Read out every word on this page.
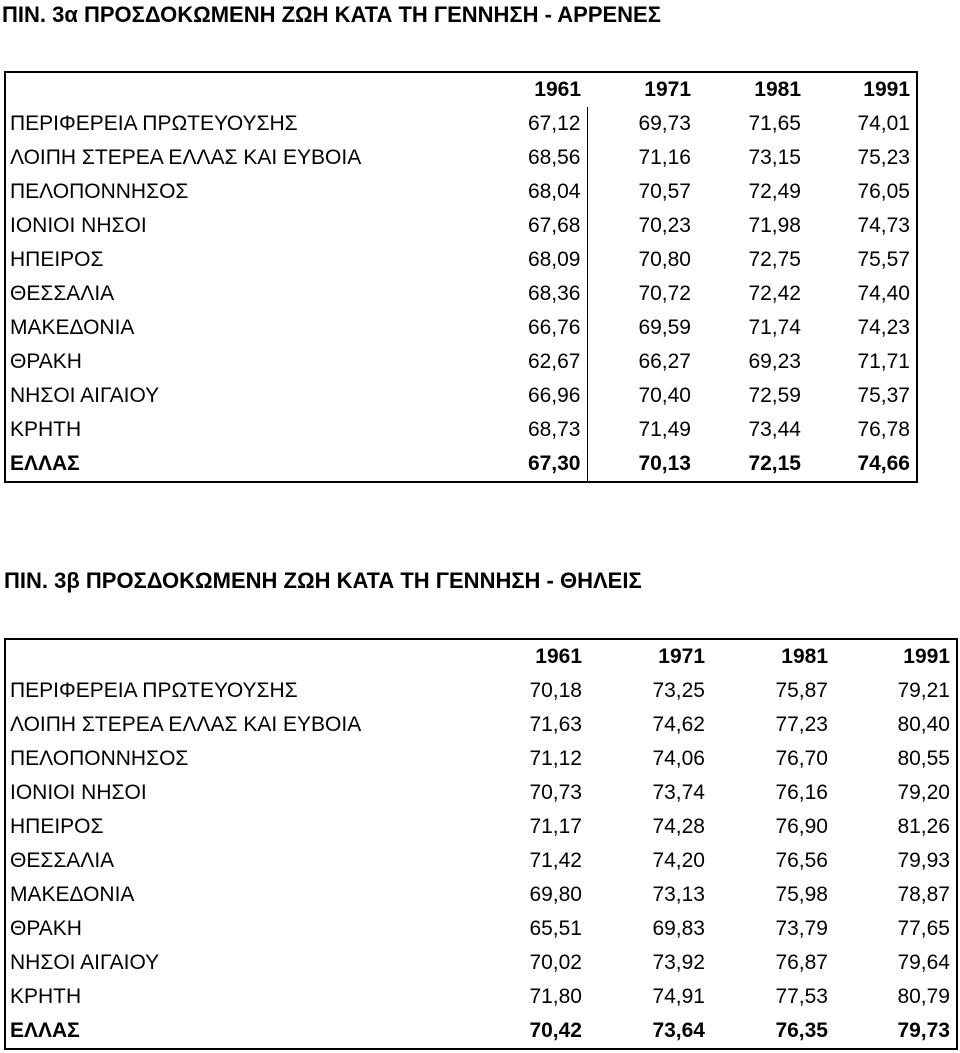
ΠΙΝ. 3α ΠΡΟΣΔΟΚΩΜΕΝΗ ΖΩΗ ΚΑΤΑ ΤΗ ΓΕΝΝΗΣΗ - ΑΡΡΕΝΕΣ
	1961	1971	1981	1991
ΠΕΡΙΦΕΡΕΙΑ ΠΡΩΤΕΥΟΥΣΗΣ	67,12	69,73	71,65	74,01
ΛΟΙΠΗ ΣΤΕΡΕΑ ΕΛΛΑΣ ΚΑΙ ΕΥΒΟΙΑ	68,56	71,16	73,15	75,23
ΠΕΛΟΠΟΝΝΗΣΟΣ	68,04	70,57	72,49	76,05
ΙΟΝΙΟΙ ΝΗΣΟΙ	67,68	70,23	71,98	74,73
ΗΠΕΙΡΟΣ	68,09	70,80	72,75	75,57
ΘΕΣΣΑΛΙΑ	68,36	70,72	72,42	74,40
ΜΑΚΕΔΟΝΙΑ	66,76	69,59	71,74	74,23
ΘΡΑΚΗ	62,67	66,27	69,23	71,71
ΝΗΣΟΙ ΑΙΓΑΙΟΥ	66,96	70,40	72,59	75,37
ΚΡΗΤΗ	68,73	71,49	73,44	76,78
ΕΛΛΑΣ	67,30	70,13	72,15	74,66
ΠΙΝ. 3β ΠΡΟΣΔΟΚΩΜΕΝΗ ΖΩΗ ΚΑΤΑ ΤΗ ΓΕΝΝΗΣΗ - ΘΗΛΕΙΣ
	1961	1971	1981	1991
ΠΕΡΙΦΕΡΕΙΑ ΠΡΩΤΕΥΟΥΣΗΣ	70,18	73,25	75,87	79,21
ΛΟΙΠΗ ΣΤΕΡΕΑ ΕΛΛΑΣ ΚΑΙ ΕΥΒΟΙΑ	71,63	74,62	77,23	80,40
ΠΕΛΟΠΟΝΝΗΣΟΣ	71,12	74,06	76,70	80,55
ΙΟΝΙΟΙ ΝΗΣΟΙ	70,73	73,74	76,16	79,20
ΗΠΕΙΡΟΣ	71,17	74,28	76,90	81,26
ΘΕΣΣΑΛΙΑ	71,42	74,20	76,56	79,93
ΜΑΚΕΔΟΝΙΑ	69,80	73,13	75,98	78,87
ΘΡΑΚΗ	65,51	69,83	73,79	77,65
ΝΗΣΟΙ ΑΙΓΑΙΟΥ	70,02	73,92	76,87	79,64
ΚΡΗΤΗ	71,80	74,91	77,53	80,79
ΕΛΛΑΣ	70,42	73,64	76,35	79,73
